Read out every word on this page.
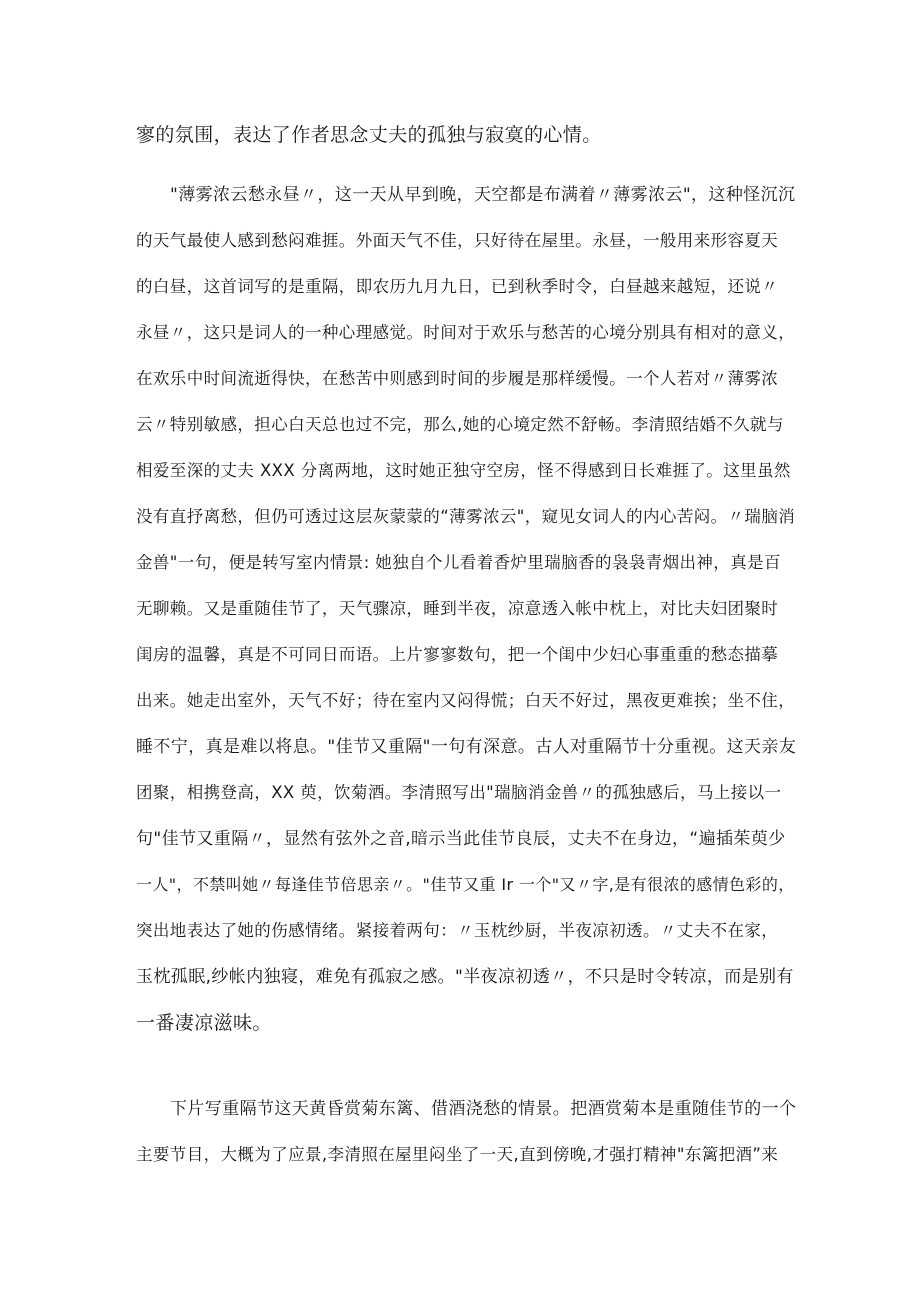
寥的氛围，表达了作者思念丈夫的孤独与寂寞的心情。
"薄雾浓云愁永昼〃，这一天从早到晚，天空都是布满着〃薄雾浓云"，这种怪沉沉
的天气最使人感到愁闷难捱。外面天气不佳，只好待在屋里。永昼，一般用来形容夏天
的白昼，这首词写的是重隔，即农历九月九日，已到秋季时令，白昼越来越短，还说〃
永昼〃，这只是词人的一种心理感觉。时间对于欢乐与愁苦的心境分别具有相对的意义，
在欢乐中时间流逝得快，在愁苦中则感到时间的步履是那样缓慢。一个人若对〃薄雾浓
云〃特别敏感，担心白天总也过不完，那么,她的心境定然不舒畅。李清照结婚不久就与
相爱至深的丈夫 XXX 分离两地，这时她正独守空房，怪不得感到日长难捱了。这里虽然
没有直抒离愁，但仍可透过这层灰蒙蒙的“薄雾浓云"，窥见女词人的内心苦闷。〃瑞脑消
金兽"一句，便是转写室内情景: 她独自个儿看着香炉里瑞脑香的袅袅青烟出神，真是百
无聊赖。又是重随佳节了，天气骤凉，睡到半夜，凉意透入帐中枕上，对比夫妇团聚时
闺房的温馨，真是不可同日而语。上片寥寥数句，把一个闺中少妇心事重重的愁态描摹
出来。她走出室外，天气不好；待在室内又闷得慌；白天不好过，黑夜更难挨；坐不住，
睡不宁，真是难以将息。"佳节又重隔"一句有深意。古人对重隔节十分重视。这天亲友
团聚，相携登高，XX 萸，饮菊酒。李清照写出"瑞脑消金兽〃的孤独感后，马上接以一
句"佳节又重隔〃，显然有弦外之音,暗示当此佳节良辰，丈夫不在身边，“遍插茱萸少
一人"，不禁叫她〃每逢佳节倍思亲〃。"佳节又重 Ir 一个"又〃字,是有很浓的感情色彩的，
突出地表达了她的伤感情绪。紧接着两句：〃玉枕纱厨，半夜凉初透。〃丈夫不在家，
玉枕孤眠,纱帐内独寝，难免有孤寂之感。"半夜凉初透〃，不只是时令转凉，而是别有
一番凄凉滋味。
下片写重隔节这天黄昏赏菊东篱、借酒浇愁的情景。把酒赏菊本是重随佳节的一个
主要节目，大概为了应景,李清照在屋里闷坐了一天,直到傍晚,才强打精神"东篱把酒”来
